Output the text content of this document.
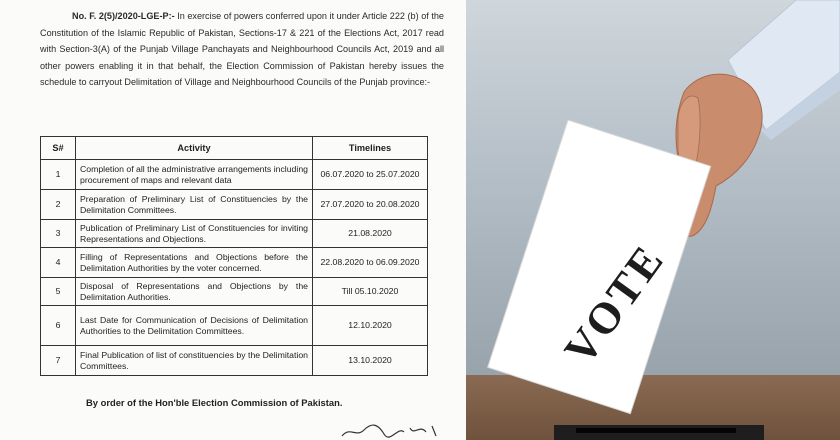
No. F. 2(5)/2020-LGE-P:- In exercise of powers conferred upon it under Article 222 (b) of the Constitution of the Islamic Republic of Pakistan, Sections-17 & 221 of the Elections Act, 2017 read with Section-3(A) of the Punjab Village Panchayats and Neighbourhood Councils Act, 2019 and all other powers enabling it in that behalf, the Election Commission of Pakistan hereby issues the schedule to carryout Delimitation of Village and Neighbourhood Councils of the Punjab province:-
S#	Activity	Timelines
1	Completion of all the administrative arrangements including procurement of maps and relevant data	06.07.2020 to 25.07.2020
2	Preparation of Preliminary List of Constituencies by the Delimitation Committees.	27.07.2020 to 20.08.2020
3	Publication of Preliminary List of Constituencies for inviting Representations and Objections.	21.08.2020
4	Filling of Representations and Objections before the Delimitation Authorities by the voter concerned.	22.08.2020 to 06.09.2020
5	Disposal of Representations and Objections by the Delimitation Authorities.	Till 05.10.2020
6	Last Date for Communication of Decisions of Delimitation Authorities to the Delimitation Committees.	12.10.2020
7	Final Publication of list of constituencies by the Delimitation Committees.	13.10.2020
By order of the Hon'ble Election Commission of Pakistan.
VOTE
